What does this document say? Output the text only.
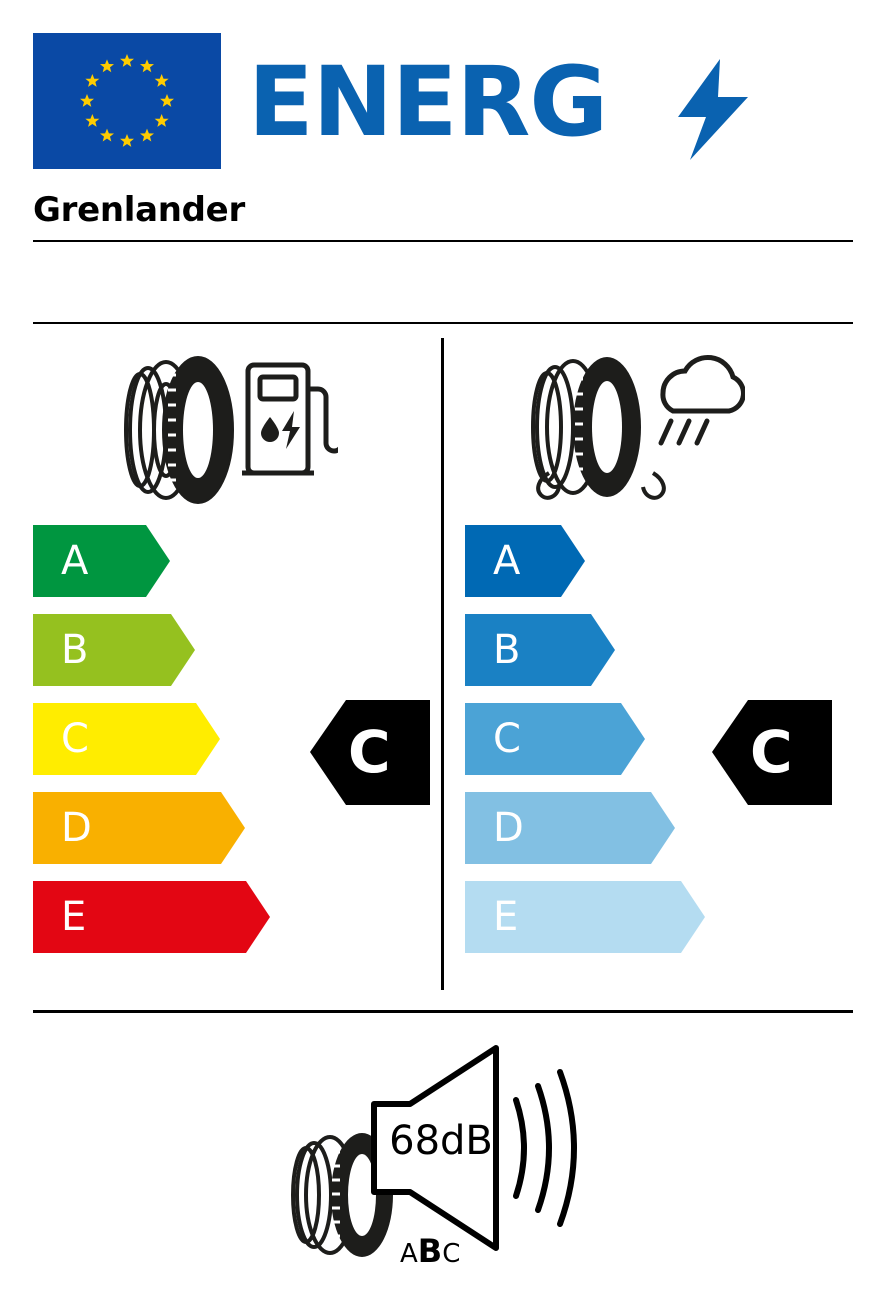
ENERG
Grenlander
A
B
C
D
E
A
B
C
D
E
C	C
68dB
ABC
